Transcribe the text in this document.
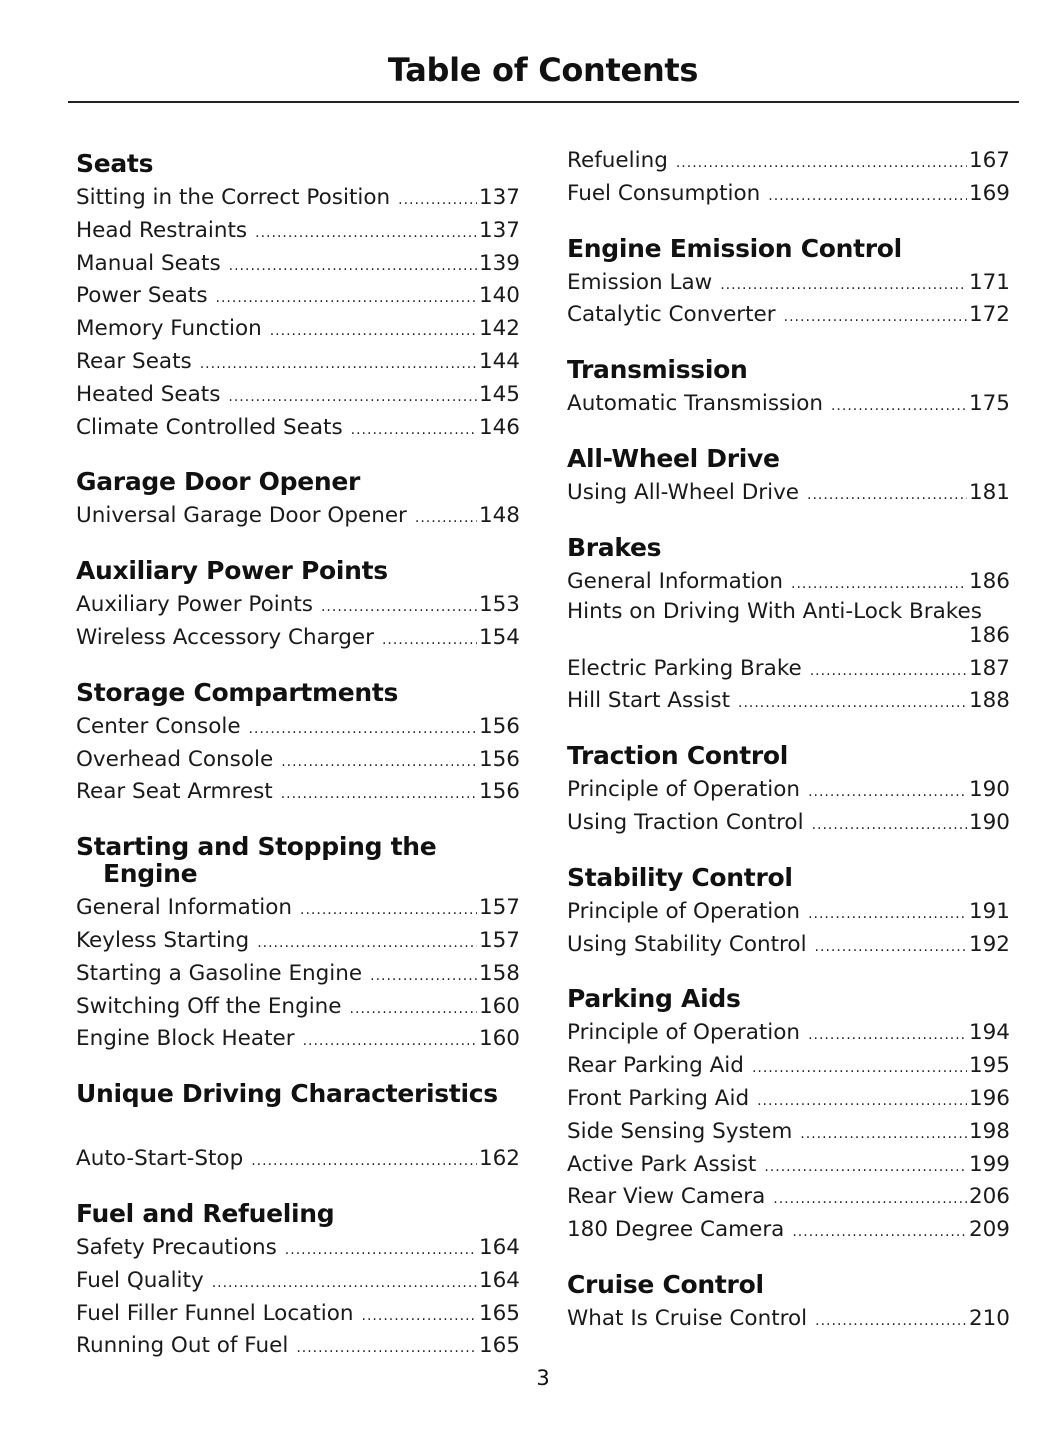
Table of Contents
Seats
Sitting in the Correct Position .....	137
Head Restraints .....	137
Manual Seats .....	139
Power Seats .....	140
Memory Function .....	142
Rear Seats .....	144
Heated Seats .....	145
Climate Controlled Seats .....	146
Garage Door Opener
Universal Garage Door Opener .....	148
Auxiliary Power Points
Auxiliary Power Points .....	153
Wireless Accessory Charger .....	154
Storage Compartments
Center Console .....	156
Overhead Console .....	156
Rear Seat Armrest .....	156
Starting and Stopping the
Engine
General Information .....	157
Keyless Starting .....	157
Starting a Gasoline Engine .....	158
Switching Off the Engine .....	160
Engine Block Heater .....	160
Unique Driving Characteristics
Auto-Start-Stop .....	162
Fuel and Refueling
Safety Precautions .....	164
Fuel Quality .....	164
Fuel Filler Funnel Location .....	165
Running Out of Fuel .....	165
Refueling .....	167
Fuel Consumption .....	169
Engine Emission Control
Emission Law .....	171
Catalytic Converter .....	172
Transmission
Automatic Transmission .....	175
All-Wheel Drive
Using All-Wheel Drive .....	181
Brakes
General Information .....	186
Hints on Driving With Anti-Lock Brakes
186
Electric Parking Brake .....	187
Hill Start Assist .....	188
Traction Control
Principle of Operation .....	190
Using Traction Control .....	190
Stability Control
Principle of Operation .....	191
Using Stability Control .....	192
Parking Aids
Principle of Operation .....	194
Rear Parking Aid .....	195
Front Parking Aid .....	196
Side Sensing System .....	198
Active Park Assist .....	199
Rear View Camera .....	206
180 Degree Camera .....	209
Cruise Control
What Is Cruise Control .....	210
3
